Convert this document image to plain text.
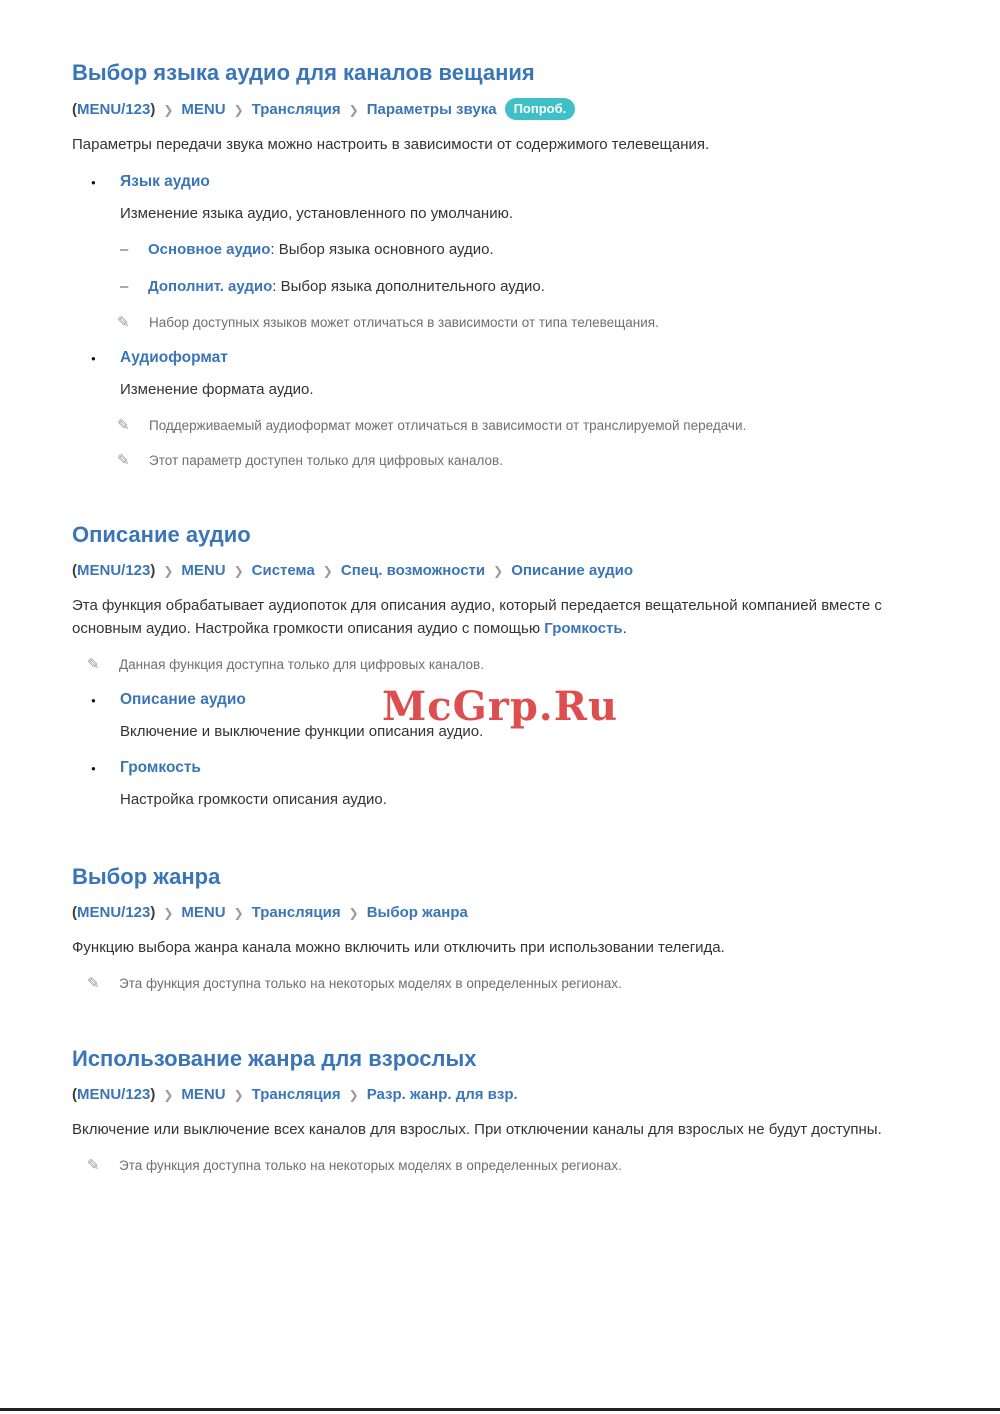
Выбор языка аудио для каналов вещания
(MENU/123) ❯ MENU ❯ Трансляция ❯ Параметры звука	Попроб.

Параметры передачи звука можно настроить в зависимости от содержимого телевещания.

● Язык аудио

Изменение языка аудио, установленного по умолчанию.

– Основное аудио: Выбор языка основного аудио.
– Дополнит. аудио: Выбор языка дополнительного аудио.
✎ Набор доступных языков может отличаться в зависимости от типа телевещания.
● Аудиоформат

Изменение формата аудио.

✎ Поддерживаемый аудиоформат может отличаться в зависимости от транслируемой передачи.
✎ Этот параметр доступен только для цифровых каналов.
Описание аудио
(MENU/123) ❯ MENU ❯ Система ❯ Спец. возможности ❯ Описание аудио

Эта функция обрабатывает аудиопоток для описания аудио, который передается вещательной компанией вместе с основным аудио. Настройка громкости описания аудио с помощью Громкость.

✎ Данная функция доступна только для цифровых каналов.
● Описание аудио

Включение и выключение функции описания аудио.

● Громкость

Настройка громкости описания аудио.

Выбор жанра
(MENU/123) ❯ MENU ❯ Трансляция ❯ Выбор жанра

Функцию выбора жанра канала можно включить или отключить при использовании телегида.

✎ Эта функция доступна только на некоторых моделях в определенных регионах.
Использование жанра для взрослых
(MENU/123) ❯ MENU ❯ Трансляция ❯ Разр. жанр. для взр.

Включение или выключение всех каналов для взрослых. При отключении каналы для взрослых не будут доступны.

✎ Эта функция доступна только на некоторых моделях в определенных регионах.
McGrp.Ru
